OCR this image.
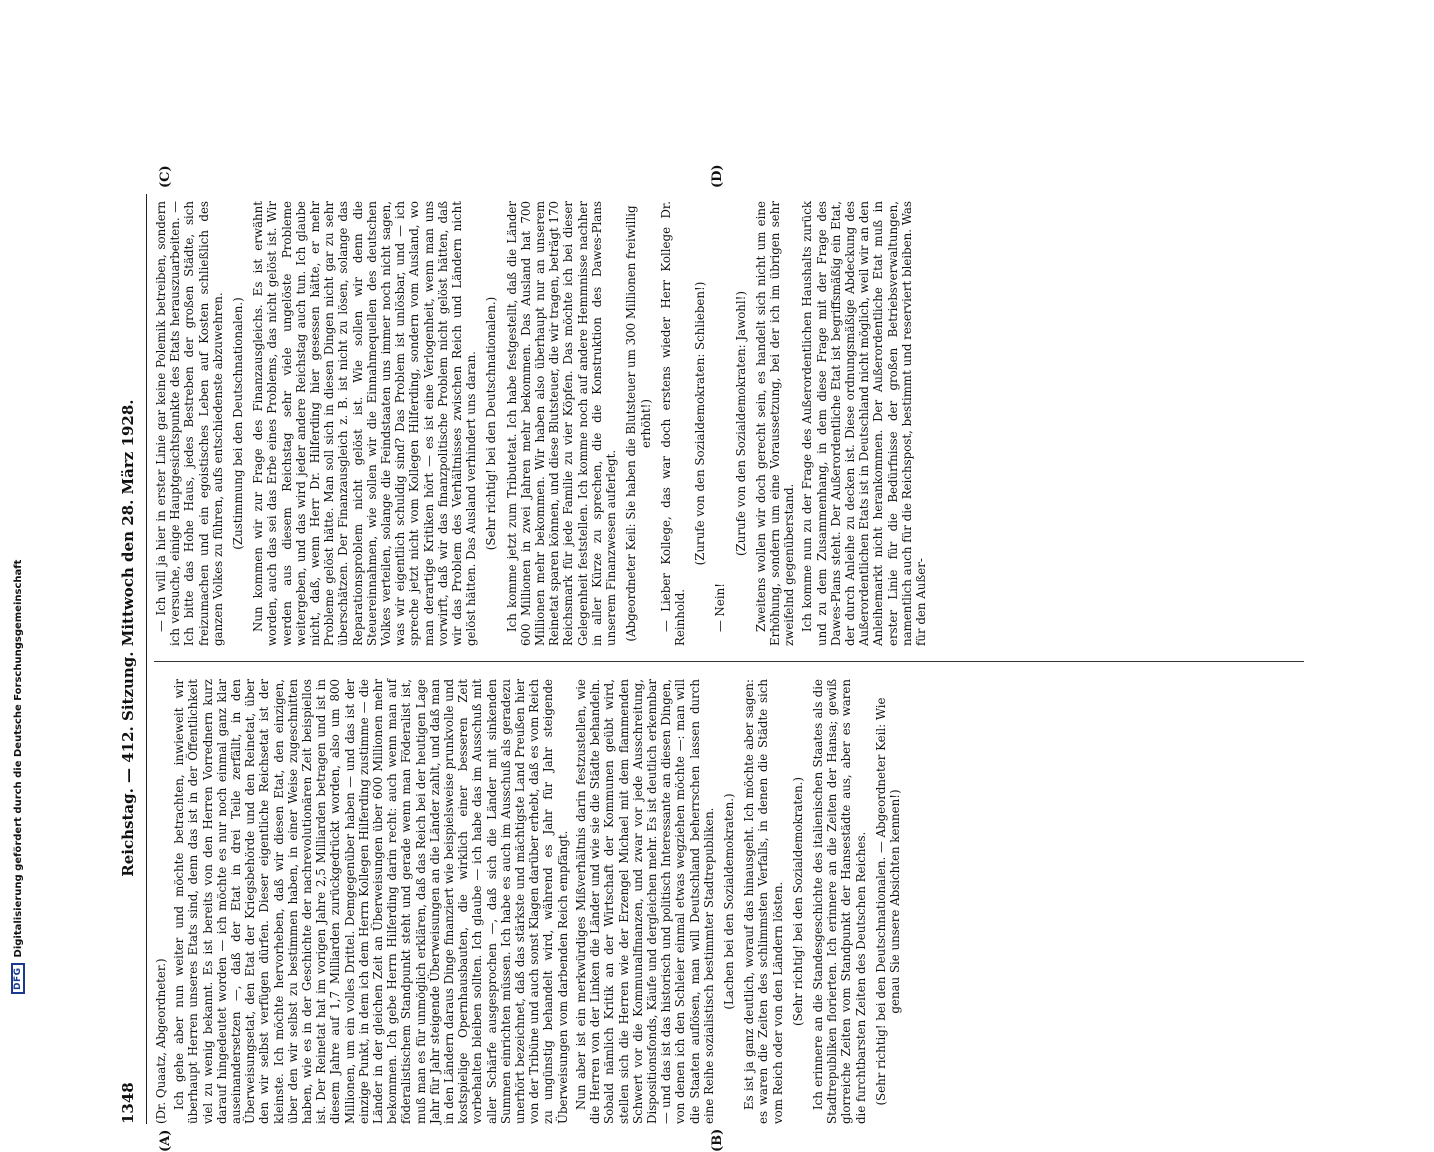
DFG
Digitalisierung gefördert durch die Deutsche Forschungsgemeinschaft
1348
Reichstag. — 412. Sitzung. Mittwoch den 28. März 1928.
(A)	(B)
(C)	(D)

(Dr. Quaatz, Abgeordneter.) Ich gehe aber nun weiter und möchte betrachten, inwieweit wir überhaupt Herren unseres Etats sind, denn das ist in der Öffentlichkeit viel zu wenig bekannt. Es ist bereits von den Herren Vorrednern kurz darauf hingedeutet worden — ich möchte es nur noch einmal ganz klar auseinandersetzen —, daß der Etat in drei Teile zerfällt, in den Überweisungsetat, den Etat der Kriegsbehörde und den Reinetat, über den wir selbst verfügen dürfen. Dieser eigentliche Reichsetat ist der kleinste. Ich möchte hervorheben, daß wir diesen Etat, den einzigen, über den wir selbst zu bestimmen haben, in einer Weise zugeschnitten haben, wie es in der Geschichte der nachrevolutionären Zeit beispiellos ist. Der Reinetat hat im vorigen Jahre 2,5 Milliarden betragen und ist in diesem Jahre auf 1,7 Milliarden zurückgedrückt worden, also um 800 Millionen, um ein volles Drittel. Demgegenüber haben — und das ist der einzige Punkt, in dem ich dem Herrn Kollegen Hilferding zustimme — die Länder in der gleichen Zeit an Überweisungen über 600 Millionen mehr bekommen. Ich gebe Herrn Hilferding darin recht: auch wenn man auf föderalistischem Standpunkt steht und gerade wenn man Föderalist ist, muß man es für unmöglich erklären, daß das Reich bei der heutigen Lage Jahr für Jahr steigende Überweisungen an die Länder zahlt, und daß man in den Ländern daraus Dinge finanziert wie beispielsweise prunkvolle und kostspielige Opernhausbauten, die wirklich einer besseren Zeit vorbehalten bleiben sollten. Ich glaube — ich habe das im Ausschuß mit aller Schärfe ausgesprochen —, daß sich die Länder mit sinkenden Summen einrichten müssen. Ich habe es auch im Ausschuß als geradezu unerhört bezeichnet, daß das stärkste und mächtigste Land Preußen hier von der Tribüne und auch sonst Klagen darüber erhebt, daß es vom Reich zu ungünstig behandelt wird, während es Jahr für Jahr steigende Überweisungen vom darbenden Reich empfängt. Nun aber ist ein merkwürdiges Mißverhältnis darin festzustellen, wie die Herren von der Linken die Länder und wie sie die Städte behandeln. Sobald nämlich Kritik an der Wirtschaft der Kommunen geübt wird, stellen sich die Herren wie der Erzengel Michael mit dem flammenden Schwert vor die Kommunalfinanzen, und zwar vor jede Ausschreitung, Dispositionsfonds, Käufe und dergleichen mehr. Es ist deutlich erkennbar — und das ist das historisch und politisch Interessante an diesen Dingen, von denen ich den Schleier einmal etwas wegziehen möchte —: man will die Staaten auflösen, man will Deutschland beherrschen lassen durch eine Reihe sozialistisch bestimmter Stadtrepubliken. (Lachen bei den Sozialdemokraten.) Es ist ja ganz deutlich, worauf das hinausgeht. Ich möchte aber sagen: es waren die Zeiten des schlimmsten Verfalls, in denen die Städte sich vom Reich oder von den Ländern lösten. (Sehr richtig! bei den Sozialdemokraten.) Ich erinnere an die Standesgeschichte des italienischen Staates als die Stadtrepubliken florierten. Ich erinnere an die Zeiten der Hansa; gewiß glorreiche Zeiten vom Standpunkt der Hansestädte aus, aber es waren die furchtbarsten Zeiten des Deutschen Reiches. (Sehr richtig! bei den Deutschnationalen. — Abgeordneter Keil: Wie genau Sie unsere Absichten kennen!)

— Ich will ja hier in erster Linie gar keine Polemik betreiben, sondern ich versuche, einige Hauptgesichtspunkte des Etats herauszuarbeiten. — Ich bitte das Hohe Haus, jedes Bestreben der großen Städte, sich freizumachen und ein egoistisches Leben auf Kosten schließlich des ganzen Volkes zu führen, aufs entschiedenste abzuwehren. (Zustimmung bei den Deutschnationalen.) Nun kommen wir zur Frage des Finanzausgleichs. Es ist erwähnt worden, auch das sei das Erbe eines Problems, das nicht gelöst ist. Wir werden aus diesem Reichstag sehr viele ungelöste Probleme weitergeben, und das wird jeder andere Reichstag auch tun. Ich glaube nicht, daß, wenn Herr Dr. Hilferding hier gesessen hätte, er mehr Probleme gelöst hätte. Man soll sich in diesen Dingen nicht gar zu sehr überschätzen. Der Finanzausgleich z. B. ist nicht zu lösen, solange das Reparationsproblem nicht gelöst ist. Wie sollen wir denn die Steuereinnahmen, wie sollen wir die Einnahmequellen des deutschen Volkes verteilen, solange die Feindstaaten uns immer noch nicht sagen, was wir eigentlich schuldig sind? Das Problem ist unlösbar, und — ich spreche jetzt nicht vom Kollegen Hilferding, sondern vom Ausland, wo man derartige Kritiken hört — es ist eine Verlogenheit, wenn man uns vorwirft, daß wir das finanzpolitische Problem nicht gelöst hätten, daß wir das Problem des Verhältnisses zwischen Reich und Ländern nicht gelöst hätten. Das Ausland verhindert uns daran. (Sehr richtig! bei den Deutschnationalen.) Ich komme jetzt zum Tributetat. Ich habe festgestellt, daß die Länder 600 Millionen in zwei Jahren mehr bekommen. Das Ausland hat 700 Millionen mehr bekommen. Wir haben also überhaupt nur an unserem Reinetat sparen können, und diese Blutsteuer, die wir tragen, beträgt 170 Reichsmark für jede Familie zu vier Köpfen. Das möchte ich bei dieser Gelegenheit feststellen. Ich komme noch auf andere Hemmnisse nachher in aller Kürze zu sprechen, die die Konstruktion des Dawes-Plans unserem Finanzwesen auferlegt. (Abgeordneter Keil: Sie haben die Blutsteuer um 300 Millionen freiwillig erhöht!) — Lieber Kollege, das war doch erstens wieder Herr Kollege Dr. Reinhold.

(Zurufe von den Sozialdemokraten: Schlieben!)

— Nein!

(Zurufe von den Sozialdemokraten: Jawohl!) Zweitens wollen wir doch gerecht sein, es handelt sich nicht um eine Erhöhung, sondern um eine Voraussetzung, bei der ich im übrigen sehr zweifelnd gegenüberstand. Ich komme nun zu der Frage des Außerordentlichen Haushalts zurück und zu dem Zusammenhang, in dem diese Frage mit der Frage des Dawes-Plans steht. Der Außerordentliche Etat ist begriffsmäßig ein Etat, der durch Anleihe zu decken ist. Diese ordnungsmäßige Abdeckung des Außerordentlichen Etats ist in Deutschland nicht möglich, weil wir an den Anleihemarkt nicht herankommen. Der Außerordentliche Etat muß in erster Linie für die Bedürfnisse der großen Betriebsverwaltungen, namentlich auch für die Reichspost, bestimmt und reserviert bleiben. Was für den Außer-
